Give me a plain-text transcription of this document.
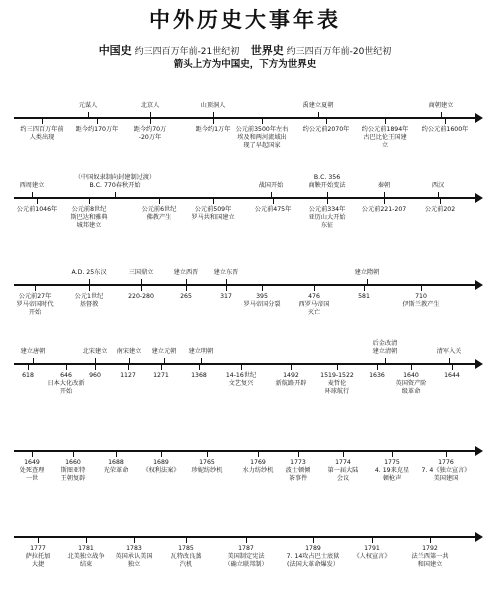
中外历史大事年表
中国史 约三四百万年前-21世纪初 世界史 约三四百万年前-20世纪初
箭头上方为中国史，下方为世界史
元谋人	北京人	山顶洞人	禹建立夏朝	商朝建立
约三四百万年前
人类出现
距今约170万年 距今约70万
-20万年
距今约1万年 公元前3500年左右
埃及和两河流域出
现了早起国家
约公元前2070年 约公元前1894年
古巴比伦王国建
立
约公元前1600年
西周建立
（中国奴隶制向封建制过渡）
B.C. 770春秋开始	战国开始
B.C. 356
商鞅开始变法	秦朝	西汉
公元前1046年 公元前8世纪
斯巴达和雅典
城邦建立
公元前6世纪
佛教产生
公元前509年
罗马共和国建立
公元前475年	公元前334年
亚历山大开始
东征
公元前221-207	公元前202
A.D. 25东汉	三国鼎立	建立西晋 建立东晋	建立隋朝
公元前27年
罗马帝国时代
开始
公元1世纪
基督教
220-280	265	317	395
罗马帝国分裂
476
西罗马帝国
灭亡
581	710
伊斯兰教产生
建立唐朝	北宋建立 南宋建立 建立元朝 建立明朝
后金改清
建立清朝	清军入关
618	646
日本大化改新
开始
960	1127	1271	1368	14-16世纪
文艺复兴
1492
新航路开辟
1519-1522
麦哲伦
环球航行
1636	1640
英国资产阶
级革命
1644
1649
处死查理
一世
1660
斯图亚特
王朝复辟
1688
光荣革命
1689
《权利法案》
1765
珍妮纺纱机
1769
水力纺纱机
1773
波士顿倾
茶事件
1774
第一届大陆
会议
1775
4. 19来克星
顿枪声
1776
7. 4《独立宣言》
美国建国
1777
萨拉托加
大捷
1781
北美独立战争
结束
1783
英国承认美国
独立
1785
瓦特改良蒸
汽机
1787
美国制定宪法
（确立联邦制）
1789
7. 14攻占巴士底狱
(法国大革命爆发）
1791
《人权宣言》
1792
法兰西第一共
和国建立
